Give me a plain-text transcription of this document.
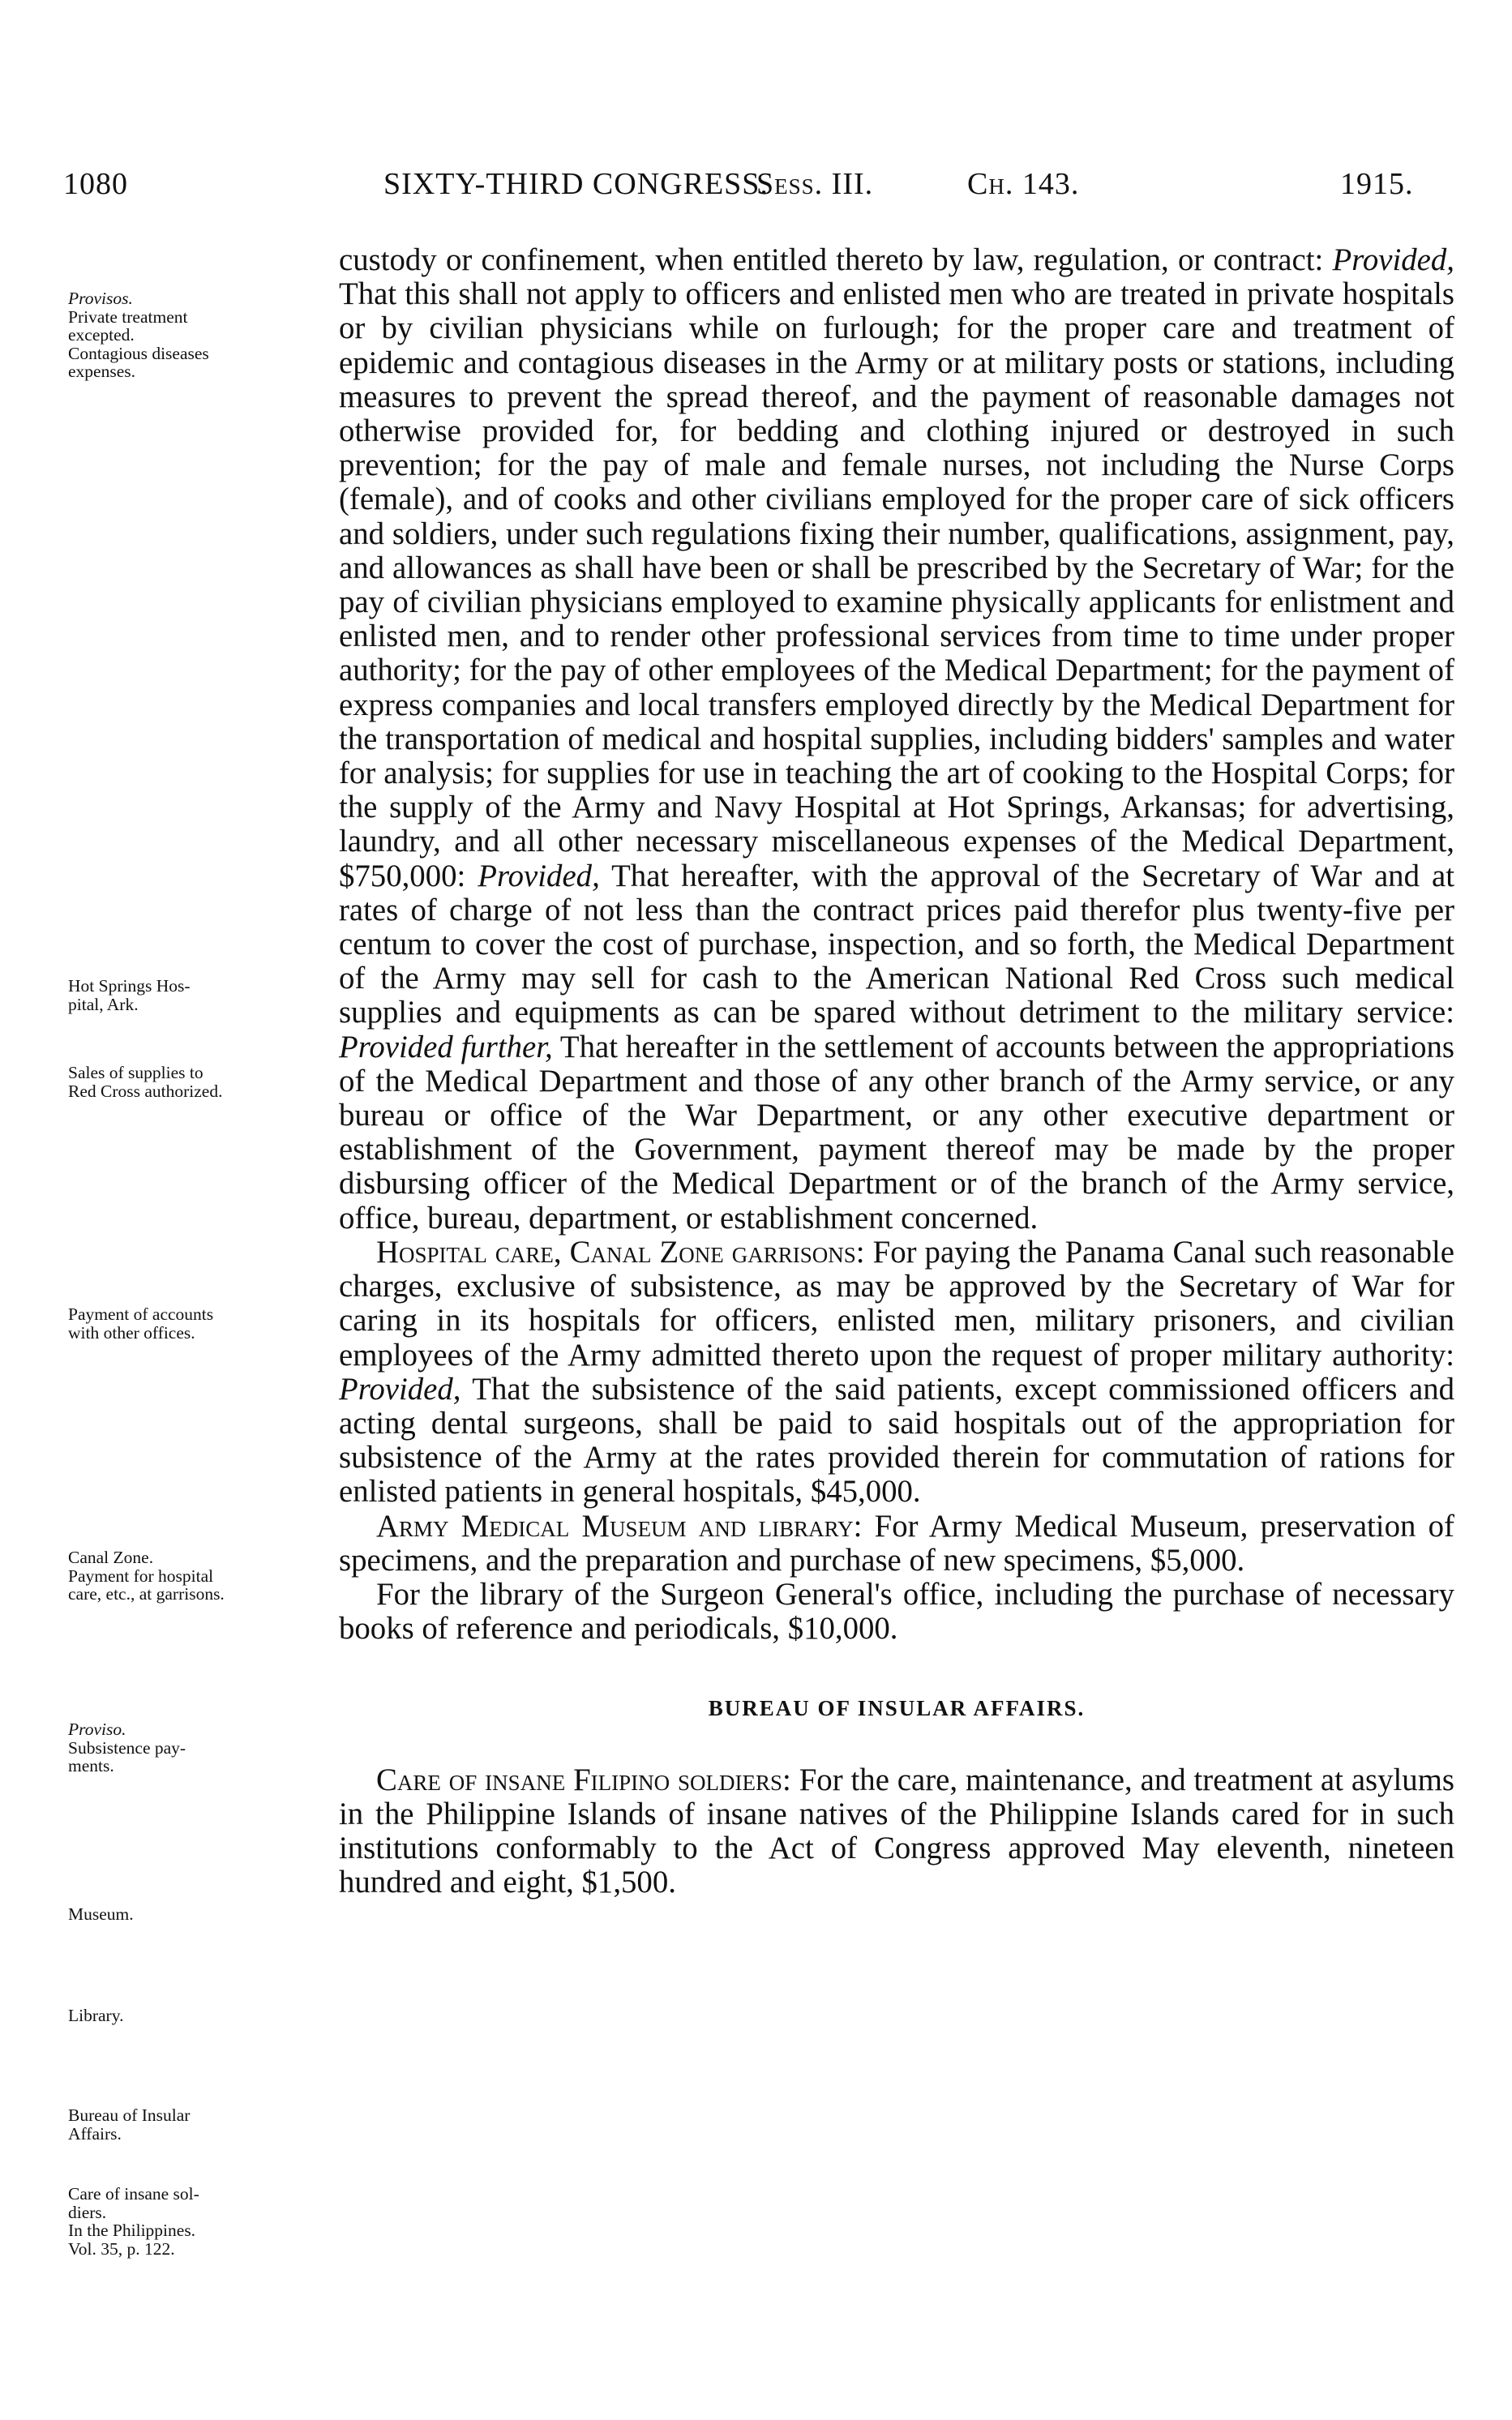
1080	SIXTY-THIRD CONGRESS.
Sess. III.	Ch. 143.	1915.
Provisos.
Private treatment
excepted.
Contagious diseases
expenses.
Hot Springs Hos-
pital, Ark.
Sales of supplies to
Red Cross authorized.
Payment of accounts
with other offices.
Canal Zone.
Payment for hospital
care, etc., at garrisons.
Proviso.
Subsistence pay-
ments.
Museum.
Library.
Bureau of Insular
Affairs.
Care of insane sol-
diers.
In the Philippines.
Vol. 35, p. 122.

custody or confinement, when entitled thereto by law, regulation, or contract: Provided, That this shall not apply to officers and enlisted men who are treated in private hospitals or by civilian physicians while on furlough; for the proper care and treatment of epidemic and contagious diseases in the Army or at military posts or stations, including measures to prevent the spread thereof, and the payment of reasonable damages not otherwise provided for, for bedding and clothing injured or destroyed in such prevention; for the pay of male and female nurses, not including the Nurse Corps (female), and of cooks and other civilians employed for the proper care of sick officers and soldiers, under such regulations fixing their number, qualifications, assignment, pay, and allowances as shall have been or shall be prescribed by the Secretary of War; for the pay of civilian physicians employed to examine physically applicants for enlistment and enlisted men, and to render other professional services from time to time under proper authority; for the pay of other employees of the Medical Department; for the payment of express companies and local transfers employed directly by the Medical Department for the transportation of medical and hospital supplies, including bidders' samples and water for analysis; for supplies for use in teaching the art of cooking to the Hospital Corps; for the supply of the Army and Navy Hospital at Hot Springs, Arkansas; for advertising, laundry, and all other necessary miscellaneous expenses of the Medical Department, $750,000: Provided, That hereafter, with the approval of the Secretary of War and at rates of charge of not less than the contract prices paid therefor plus twenty-five per centum to cover the cost of purchase, inspection, and so forth, the Medical Department of the Army may sell for cash to the American National Red Cross such medical supplies and equipments as can be spared without detriment to the military service: Provided further, That hereafter in the settlement of accounts between the appropriations of the Medical Department and those of any other branch of the Army service, or any bureau or office of the War Department, or any other executive department or establishment of the Government, payment thereof may be made by the proper disbursing officer of the Medical Department or of the branch of the Army service, office, bureau, department, or establishment concerned.

Hospital care, Canal Zone garrisons: For paying the Panama Canal such reasonable charges, exclusive of subsistence, as may be approved by the Secretary of War for caring in its hospitals for officers, enlisted men, military prisoners, and civilian employees of the Army admitted thereto upon the request of proper military authority: Provided, That the subsistence of the said patients, except commissioned officers and acting dental surgeons, shall be paid to said hospitals out of the appropriation for subsistence of the Army at the rates provided therein for commutation of rations for enlisted patients in general hospitals, $45,000.

Army Medical Museum and library: For Army Medical Museum, preservation of specimens, and the preparation and purchase of new specimens, $5,000.

For the library of the Surgeon General's office, including the purchase of necessary books of reference and periodicals, $10,000.

BUREAU OF INSULAR AFFAIRS.

Care of insane Filipino soldiers: For the care, maintenance, and treatment at asylums in the Philippine Islands of insane natives of the Philippine Islands cared for in such institutions conformably to the Act of Congress approved May eleventh, nineteen hundred and eight, $1,500.
